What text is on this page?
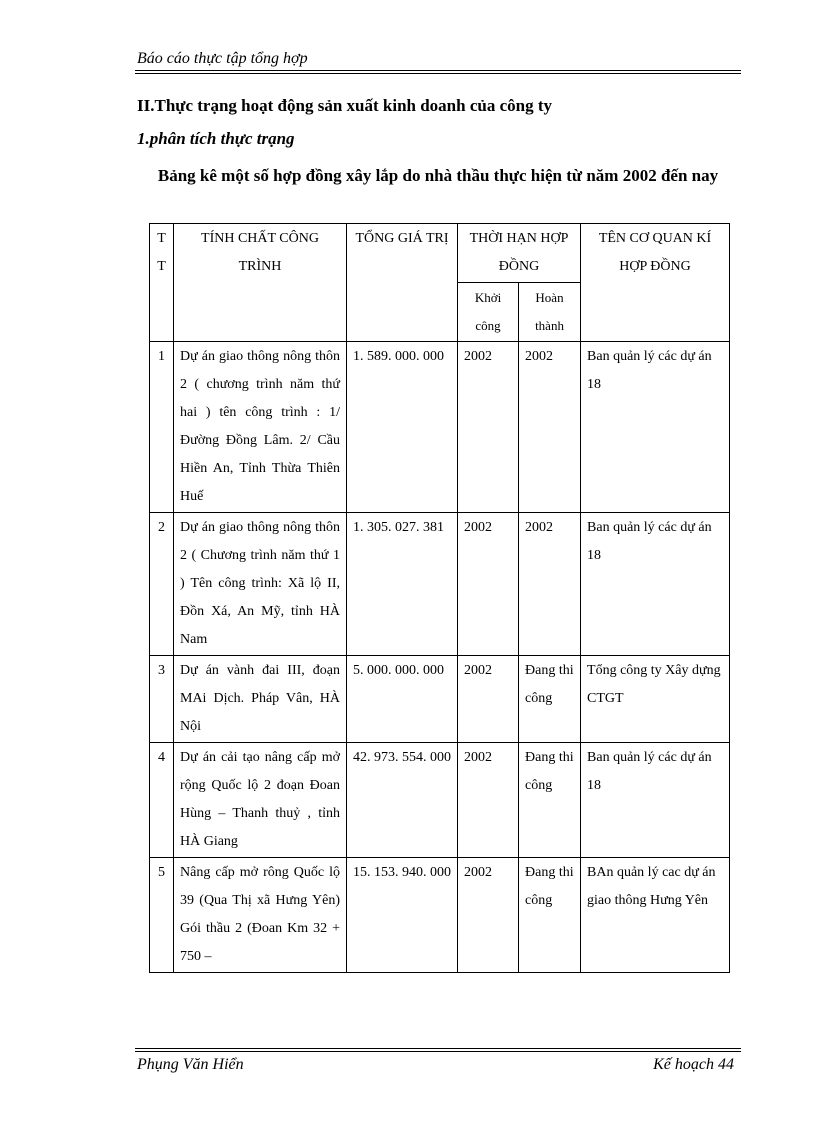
Báo cáo thực tập tổng hợp
II.Thực trạng hoạt động sản xuất kinh doanh của công ty
1.phân tích thực trạng
Bảng kê một số hợp đồng xây lắp do nhà thầu thực hiện từ năm 2002 đến nay
T T	TÍNH CHẤT CÔNG TRÌNH	TỔNG GIÁ TRỊ	THỜI HẠN HỢP ĐỒNG		TÊN CƠ QUAN KÍ HỢP ĐỒNG
			Khởi công	Hoàn thành	
1	Dự án giao thông nông thôn 2 ( chương trình năm thứ hai ) tên công trình : 1/ Đường Đồng Lâm. 2/ Cầu Hiền An, Tỉnh Thừa Thiên Huế	1. 589. 000. 000	2002	2002	Ban quản lý các dự án 18
2	Dự án giao thông nông thôn 2 ( Chương trình năm thứ 1 ) Tên công trình: Xã lộ II, Đồn Xá, An Mỹ, tỉnh HÀ Nam	1. 305. 027. 381	2002	2002	Ban quản lý các dự án 18
3	Dự án vành đai III, đoạn MAi Dịch. Pháp Vân, HÀ Nội	5. 000. 000. 000	2002	Đang thi công	Tổng công ty Xây dựng CTGT
4	Dự án cải tạo nâng cấp mở rộng Quốc lộ 2 đoạn Đoan Hùng – Thanh thuỷ , tỉnh HÀ Giang	42. 973. 554. 000	2002	Đang thi công	Ban quản lý các dự án 18
5	Nâng cấp mở rông Quốc lộ 39 (Qua Thị xã Hưng Yên) Gói thầu 2 (Đoan Km 32 + 750 –	15. 153. 940. 000	2002	Đang thi công	BAn quản lý cac dự án giao thông Hưng Yên
Phụng Văn Hiển	Kế hoạch 44
